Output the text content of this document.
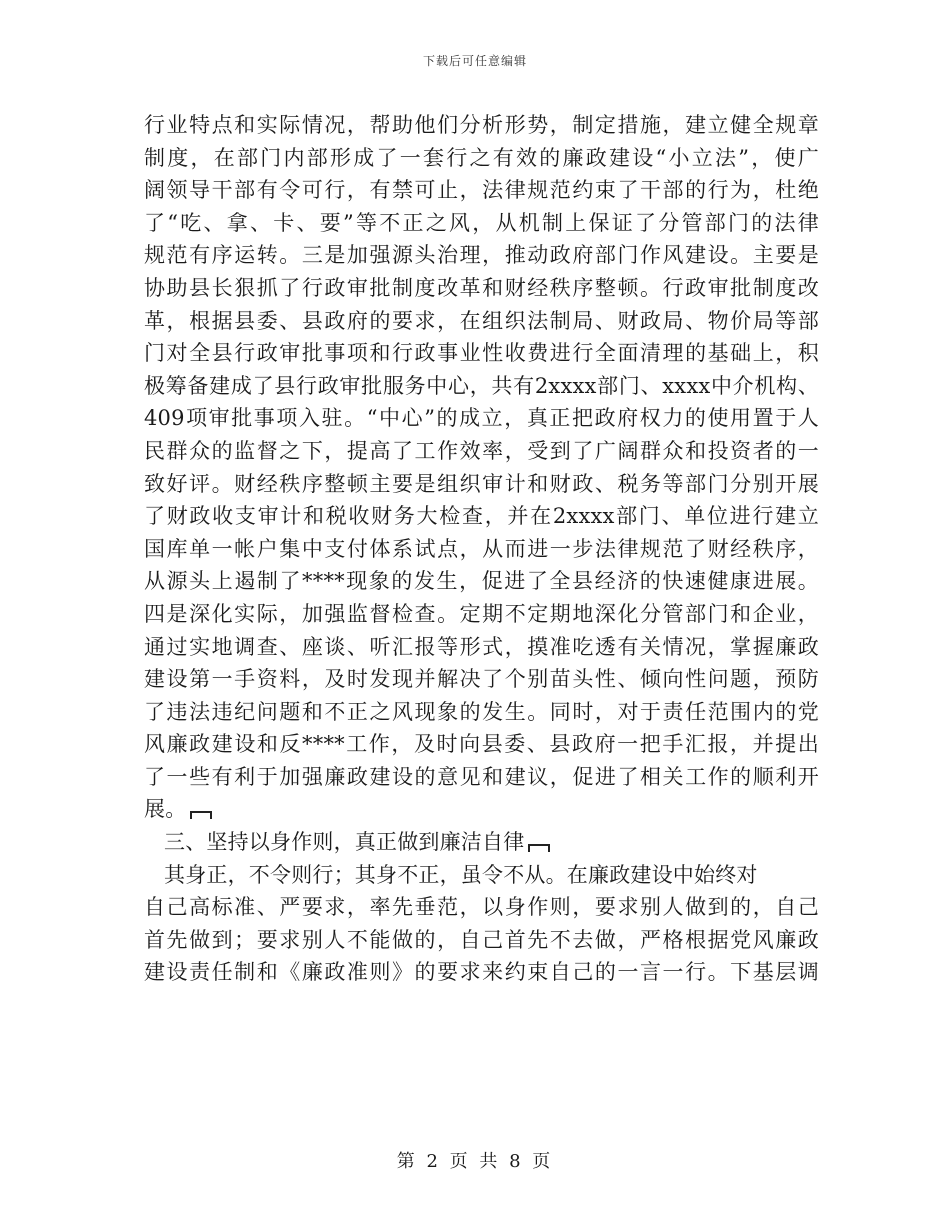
下载后可任意编辑
行业特点和实际情况，帮助他们分析形势，制定措施，建立健全规章
制度，在部门内部形成了一套行之有效的廉政建设“小立法”，使广
阔领导干部有令可行，有禁可止，法律规范约束了干部的行为，杜绝
了“吃、拿、卡、要”等不正之风，从机制上保证了分管部门的法律
规范有序运转。三是加强源头治理，推动政府部门作风建设。主要是
协助县长狠抓了行政审批制度改革和财经秩序整顿。行政审批制度改
革，根据县委、县政府的要求，在组织法制局、财政局、物价局等部
门对全县行政审批事项和行政事业性收费进行全面清理的基础上，积
极筹备建成了县行政审批服务中心，共有2xxxx部门、xxxx中介机构、
409项审批事项入驻。“中心”的成立，真正把政府权力的使用置于人
民群众的监督之下，提高了工作效率，受到了广阔群众和投资者的一
致好评。财经秩序整顿主要是组织审计和财政、税务等部门分别开展
了财政收支审计和税收财务大检查，并在2xxxx部门、单位进行建立
国库单一帐户集中支付体系试点，从而进一步法律规范了财经秩序，
从源头上遏制了****现象的发生，促进了全县经济的快速健康进展。
四是深化实际，加强监督检查。定期不定期地深化分管部门和企业，
通过实地调查、座谈、听汇报等形式，摸准吃透有关情况，掌握廉政
建设第一手资料，及时发现并解决了个别苗头性、倾向性问题，预防
了违法违纪问题和不正之风现象的发生。同时，对于责任范围内的党
风廉政建设和反****工作，及时向县委、县政府一把手汇报，并提出
了一些有利于加强廉政建设的意见和建议，促进了相关工作的顺利开
展。
三、坚持以身作则，真正做到廉洁自律
其身正，不令则行；其身不正，虽令不从。在廉政建设中始终对
自己高标准、严要求，率先垂范，以身作则，要求别人做到的，自己
首先做到；要求别人不能做的，自己首先不去做，严格根据党风廉政
建设责任制和《廉政准则》的要求来约束自己的一言一行。下基层调
第 2 页 共 8 页
